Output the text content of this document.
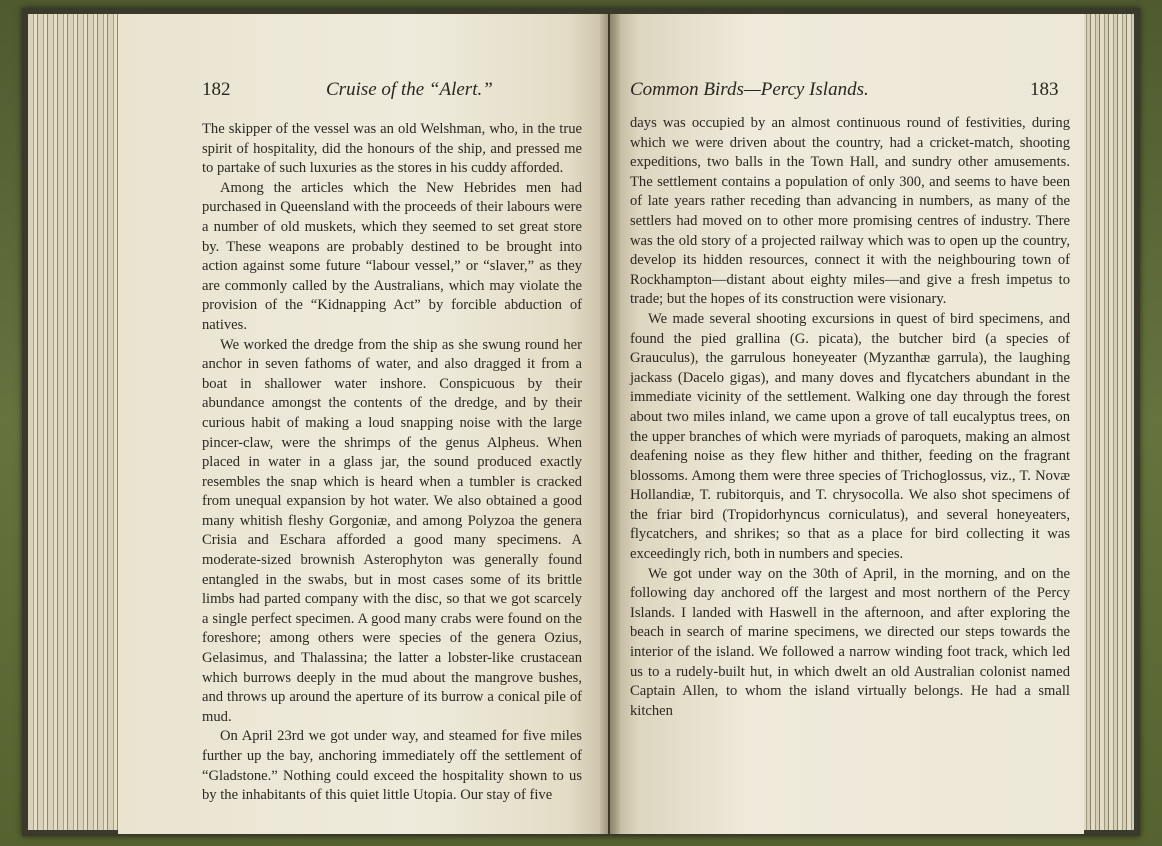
182	Cruise of the “Alert.”	Common Birds—Percy Islands.	183

The skipper of the vessel was an old Welshman, who, in the true spirit of hospitality, did the honours of the ship, and pressed me to partake of such luxuries as the stores in his cuddy afforded.

Among the articles which the New Hebrides men had purchased in Queensland with the proceeds of their labours were a number of old muskets, which they seemed to set great store by. These weapons are probably destined to be brought into action against some future “labour vessel,” or “slaver,” as they are commonly called by the Australians, which may violate the provision of the “Kidnapping Act” by forcible abduction of natives.

We worked the dredge from the ship as she swung round her anchor in seven fathoms of water, and also dragged it from a boat in shallower water inshore. Conspicuous by their abundance amongst the contents of the dredge, and by their curious habit of making a loud snapping noise with the large pincer-claw, were the shrimps of the genus Alpheus. When placed in water in a glass jar, the sound produced exactly resembles the snap which is heard when a tumbler is cracked from unequal expansion by hot water. We also obtained a good many whitish fleshy Gorgoniæ, and among Polyzoa the genera Crisia and Eschara afforded a good many specimens. A moderate-sized brownish Asterophyton was generally found entangled in the swabs, but in most cases some of its brittle limbs had parted company with the disc, so that we got scarcely a single perfect specimen. A good many crabs were found on the foreshore; among others were species of the genera Ozius, Gelasimus, and Thalassina; the latter a lobster-like crustacean which burrows deeply in the mud about the mangrove bushes, and throws up around the aperture of its burrow a conical pile of mud.

On April 23rd we got under way, and steamed for five miles further up the bay, anchoring immediately off the settlement of “Gladstone.” Nothing could exceed the hospitality shown to us by the inhabitants of this quiet little Utopia. Our stay of five

days was occupied by an almost continuous round of festivities, during which we were driven about the country, had a cricket-match, shooting expeditions, two balls in the Town Hall, and sundry other amusements. The settlement contains a population of only 300, and seems to have been of late years rather receding than advancing in numbers, as many of the settlers had moved on to other more promising centres of industry. There was the old story of a projected railway which was to open up the country, develop its hidden resources, connect it with the neighbouring town of Rockhampton—distant about eighty miles—and give a fresh impetus to trade; but the hopes of its construction were visionary.

We made several shooting excursions in quest of bird specimens, and found the pied grallina (G. picata), the butcher bird (a species of Grauculus), the garrulous honeyeater (Myzanthæ garrula), the laughing jackass (Dacelo gigas), and many doves and flycatchers abundant in the immediate vicinity of the settlement. Walking one day through the forest about two miles inland, we came upon a grove of tall eucalyptus trees, on the upper branches of which were myriads of paroquets, making an almost deafening noise as they flew hither and thither, feeding on the fragrant blossoms. Among them were three species of Trichoglossus, viz., T. Novæ Hollandiæ, T. rubitorquis, and T. chrysocolla. We also shot specimens of the friar bird (Tropidorhyncus corniculatus), and several honeyeaters, flycatchers, and shrikes; so that as a place for bird collecting it was exceedingly rich, both in numbers and species.

We got under way on the 30th of April, in the morning, and on the following day anchored off the largest and most northern of the Percy Islands. I landed with Haswell in the afternoon, and after exploring the beach in search of marine specimens, we directed our steps towards the interior of the island. We followed a narrow winding foot track, which led us to a rudely-built hut, in which dwelt an old Australian colonist named Captain Allen, to whom the island virtually belongs. He had a small kitchen
